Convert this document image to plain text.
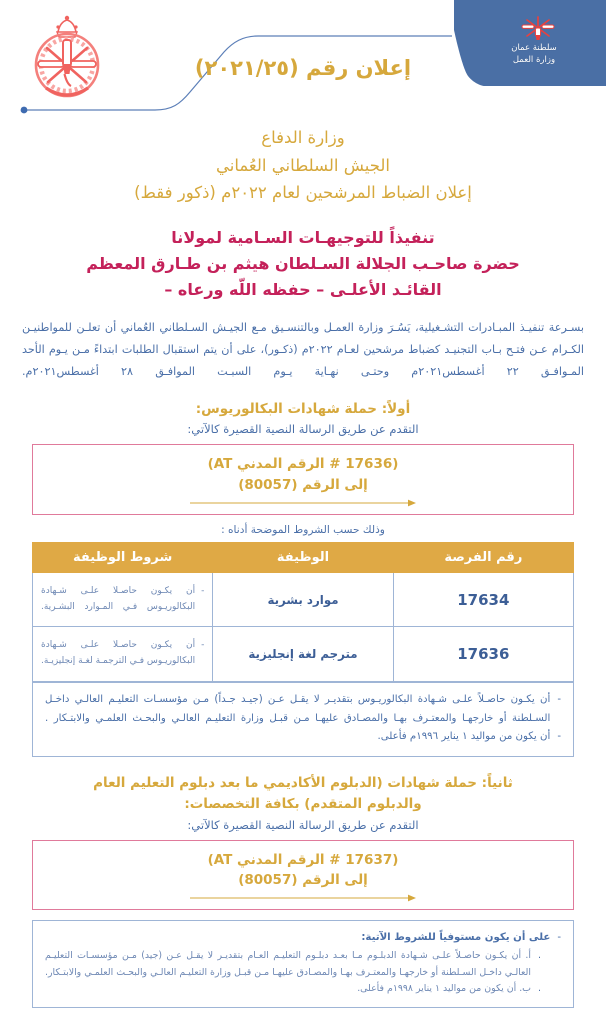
سلطنة عمان
وزارة العمل
إعلان رقم (٢٠٢١/٢٥)
وزارة الدفاع
الجيش السلطاني العُماني
إعلان الضباط المرشحين لعام ٢٠٢٢م (ذكور فقط)
تنفيذاً للتوجيهـات السـامية لمولانا
حضرة صاحـب الجلالة السـلطان هيثم بن طـارق المعظم
القائـد الأعلـى – حفظه اللّه ورعاه –

بسـرعة تنفيـذ المبـادرات التشـغيلية، يَسُـرَ وزارة العمـل وبالتنسـيق مـع الجيـش السـلطاني العُماني أن تعلـن للمواطنيـن الكـرام عـن فتـح بـاب التجنيـد كضباط مرشحين لعـام ٢٠٢٢م (ذكـور)، على أن يتم استقبال الطلبات ابتداءً مـن يـوم الأحد المـوافـق ٢٢ أغسطس٢٠٢١م وحتـى نهـاية يـوم السبـت الموافـق ٢٨ أغسطس٢٠٢١م.

أولاً: حملة شهادات البكالوريوس:
التقدم عن طريق الرسالة النصية القصيرة كالآتي:
(17636 # الرقم المدني AT)
إلى الرقم (80057)
وذلك حسب الشروط الموضحة أدناه :
رقم الفرصة	الوظيفة	شروط الوظيفة
17634	موارد بشرية	-
أن يكـون حاصـلا علـى شـهادة البكالوريـوس فـي المـوارد البشـرية.

17636	مترجم لغة إنجليزية	-
أن يكـون حاصـلا علـى شـهادة البكالوريـوس فـي الترجمـة لغـة إنجليزيـة.
-
أن يكـون حاصـلاً علـى شـهادة البكالوريـوس بتقديـر لا يقـل عـن (جيـد جـداً) مـن مؤسسـات التعليـم العالـي داخـل السـلطنة أو خارجهـا والمعتـرف بهـا والمصـادق عليهـا مـن قبـل وزارة التعليـم العالـي والبحـث العلمـي والابتـكار .
-
أن يكون من مواليد ١ يناير ١٩٩٦م فأعلى.
ثانياً: حملة شهادات (الدبلوم الأكاديمي ما بعد دبلوم التعليم العام
والدبلوم المتقدم) بكافة التخصصات:
التقدم عن طريق الرسالة النصية القصيرة كالآتي:
(17637 # الرقم المدني AT)
إلى الرقم (80057)
-
على أن يكون مستوفياً للشروط الآتية:
.
أ. أن يكـون حاصـلاً علـى شـهادة الدبلـوم مـا بعـد دبلـوم التعليـم العـام بتقديـر لا يقـل عـن (جيد) مـن مؤسسـات التعليـم العالـي داخـل السـلطنة أو خارجهـا والمعتـرف بهـا والمصـادق عليهـا مـن قبـل وزارة التعليـم العالـي والبحـث العلمـي والابتـكار.
.
ب. أن يكون من مواليد ١ يناير ١٩٩٨م فأعلى.
